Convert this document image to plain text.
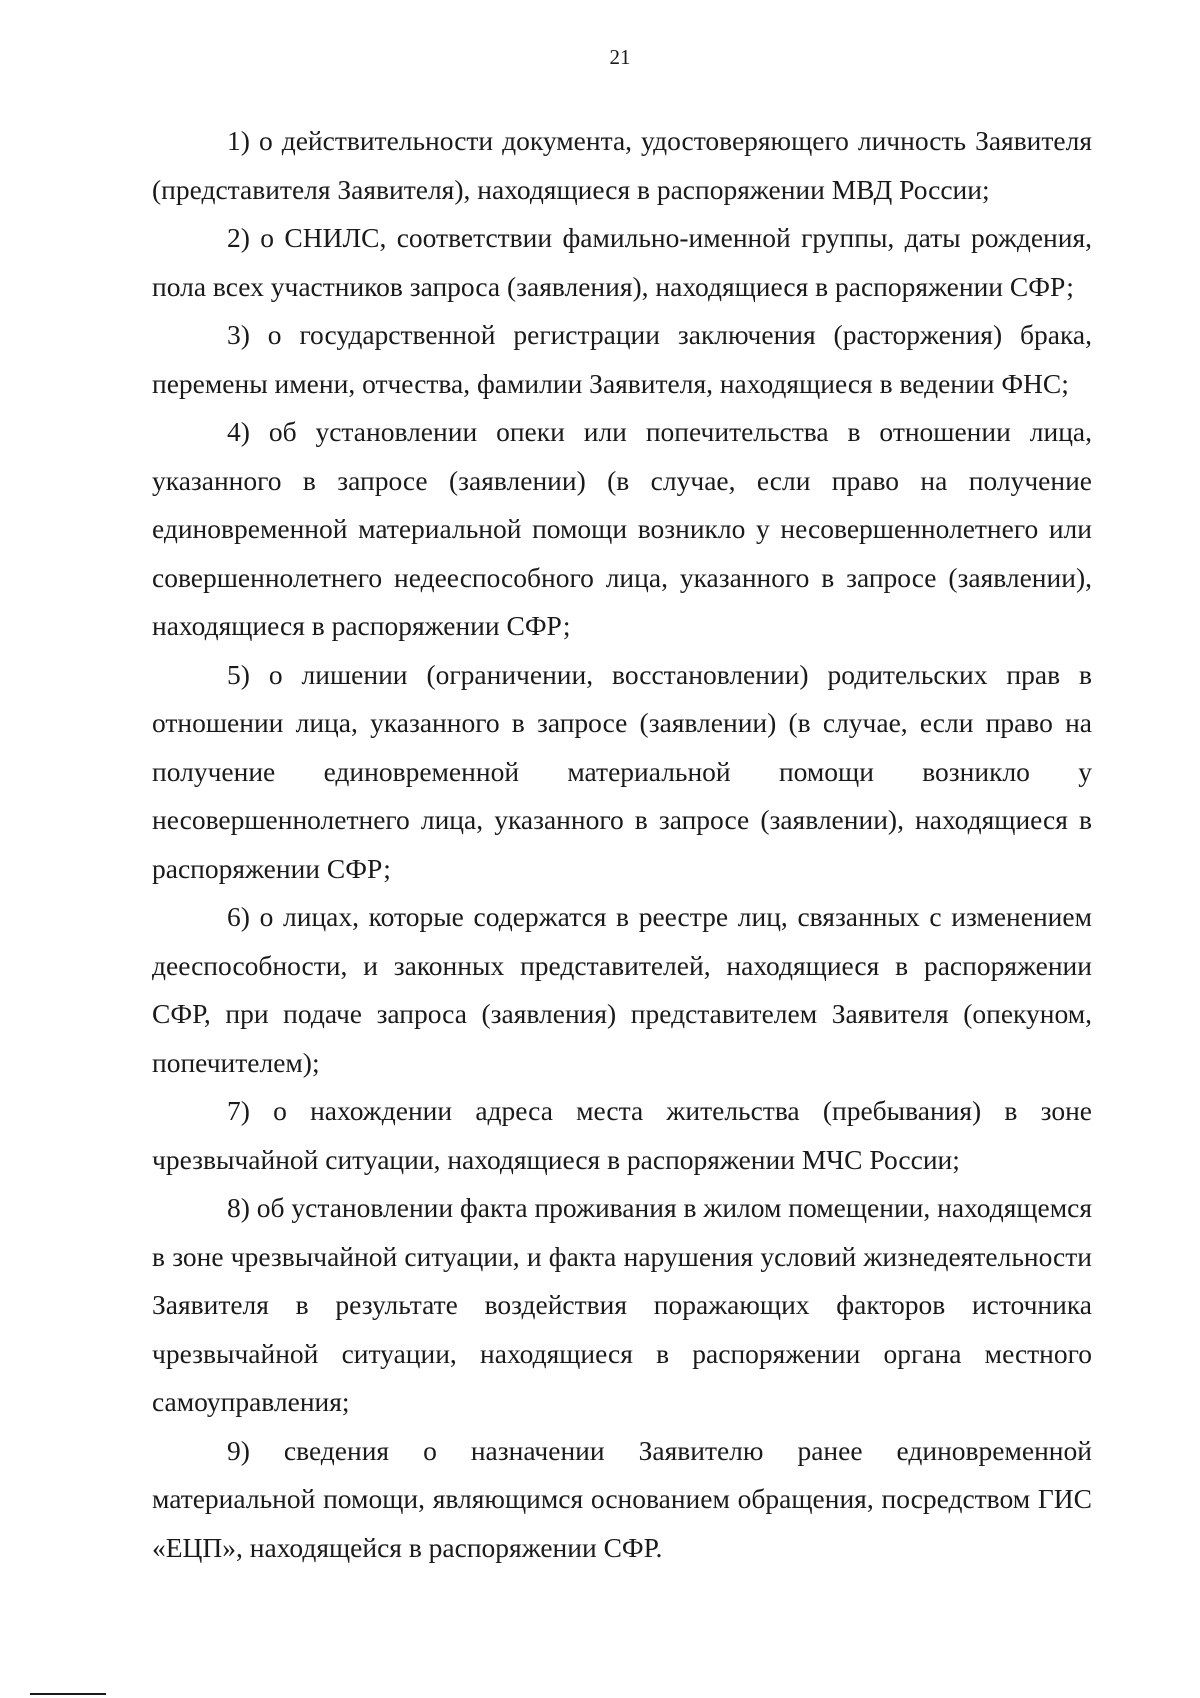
21

1) о действительности документа, удостоверяющего личность Заявителя (представителя Заявителя), находящиеся в распоряжении МВД России;

2) о СНИЛС, соответствии фамильно-именной группы, даты рождения, пола всех участников запроса (заявления), находящиеся в распоряжении СФР;

3) о государственной регистрации заключения (расторжения) брака, перемены имени, отчества, фамилии Заявителя, находящиеся в ведении ФНС;

4) об установлении опеки или попечительства в отношении лица, указанного в запросе (заявлении) (в случае, если право на получение единовременной материальной помощи возникло у несовершеннолетнего или совершеннолетнего недееспособного лица, указанного в запросе (заявлении), находящиеся в распоряжении СФР;

5) о лишении (ограничении, восстановлении) родительских прав в отношении лица, указанного в запросе (заявлении) (в случае, если право на получение единовременной материальной помощи возникло у несовершеннолетнего лица, указанного в запросе (заявлении), находящиеся в распоряжении СФР;

6) о лицах, которые содержатся в реестре лиц, связанных с изменением дееспособности, и законных представителей, находящиеся в распоряжении СФР, при подаче запроса (заявления) представителем Заявителя (опекуном, попечителем);

7) о нахождении адреса места жительства (пребывания) в зоне чрезвычайной ситуации, находящиеся в распоряжении МЧС России;

8) об установлении факта проживания в жилом помещении, находящемся в зоне чрезвычайной ситуации, и факта нарушения условий жизнедеятельности Заявителя в результате воздействия поражающих факторов источника чрезвычайной ситуации, находящиеся в распоряжении органа местного самоуправления;

9) сведения о назначении Заявителю ранее единовременной материальной помощи, являющимся основанием обращения, посредством ГИС «ЕЦП», находящейся в распоряжении СФР.
